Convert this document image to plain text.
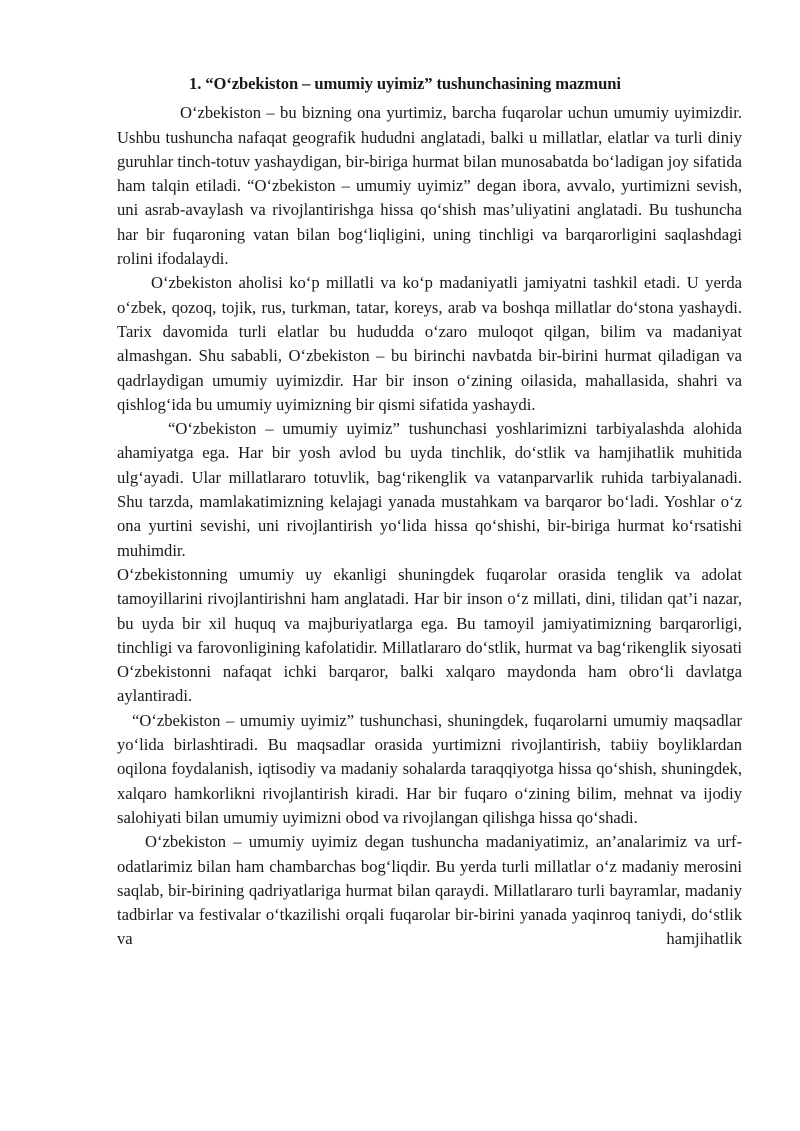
1. “O‘zbekiston – umumiy uyimiz” tushunchasining mazmuni

O‘zbekiston – bu bizning ona yurtimiz, barcha fuqarolar uchun umumiy uyimizdir. Ushbu tushuncha nafaqat geografik hududni anglatadi, balki u millatlar, elatlar va turli diniy guruhlar tinch-totuv yashaydigan, bir-biriga hurmat bilan munosabatda bo‘ladigan joy sifatida ham talqin etiladi. “O‘zbekiston – umumiy uyimiz” degan ibora, avvalo, yurtimizni sevish, uni asrab-avaylash va rivojlantirishga hissa qo‘shish mas’uliyatini anglatadi. Bu tushuncha har bir fuqaroning vatan bilan bog‘liqligini, uning tinchligi va barqarorligini saqlashdagi rolini ifodalaydi.

O‘zbekiston aholisi ko‘p millatli va ko‘p madaniyatli jamiyatni tashkil etadi. U yerda o‘zbek, qozoq, tojik, rus, turkman, tatar, koreys, arab va boshqa millatlar do‘stona yashaydi. Tarix davomida turli elatlar bu hududda o‘zaro muloqot qilgan, bilim va madaniyat almashgan. Shu sababli, O‘zbekiston – bu birinchi navbatda bir-birini hurmat qiladigan va qadrlaydigan umumiy uyimizdir. Har bir inson o‘zining oilasida, mahallasida, shahri va qishlog‘ida bu umumiy uyimizning bir qismi sifatida yashaydi.

“O‘zbekiston – umumiy uyimiz” tushunchasi yoshlarimizni tarbiyalashda alohida ahamiyatga ega. Har bir yosh avlod bu uyda tinchlik, do‘stlik va hamjihatlik muhitida ulg‘ayadi. Ular millatlararo totuvlik, bag‘rikenglik va vatanparvarlik ruhida tarbiyalanadi. Shu tarzda, mamlakatimizning kelajagi yanada mustahkam va barqaror bo‘ladi. Yoshlar o‘z ona yurtini sevishi, uni rivojlantirish yo‘lida hissa qo‘shishi, bir-biriga hurmat ko‘rsatishi muhimdir.

O‘zbekistonning umumiy uy ekanligi shuningdek fuqarolar orasida tenglik va adolat tamoyillarini rivojlantirishni ham anglatadi. Har bir inson o‘z millati, dini, tilidan qat’i nazar, bu uyda bir xil huquq va majburiyatlarga ega. Bu tamoyil jamiyatimizning barqarorligi, tinchligi va farovonligining kafolatidir. Millatlararo do‘stlik, hurmat va bag‘rikenglik siyosati O‘zbekistonni nafaqat ichki barqaror, balki xalqaro maydonda ham obro‘li davlatga aylantiradi.

“O‘zbekiston – umumiy uyimiz” tushunchasi, shuningdek, fuqarolarni umumiy maqsadlar yo‘lida birlashtiradi. Bu maqsadlar orasida yurtimizni rivojlantirish, tabiiy boyliklardan oqilona foydalanish, iqtisodiy va madaniy sohalarda taraqqiyotga hissa qo‘shish, shuningdek, xalqaro hamkorlikni rivojlantirish kiradi. Har bir fuqaro o‘zining bilim, mehnat va ijodiy salohiyati bilan umumiy uyimizni obod va rivojlangan qilishga hissa qo‘shadi.

O‘zbekiston – umumiy uyimiz degan tushuncha madaniyatimiz, an’analarimiz va urf-odatlarimiz bilan ham chambarchas bog‘liqdir. Bu yerda turli millatlar o‘z madaniy merosini saqlab, bir-birining qadriyatlariga hurmat bilan qaraydi. Millatlararo turli bayramlar, madaniy tadbirlar va festivalar o‘tkazilishi orqali fuqarolar bir-birini yanada yaqinroq taniydi, do‘stlik va hamjihatlik
